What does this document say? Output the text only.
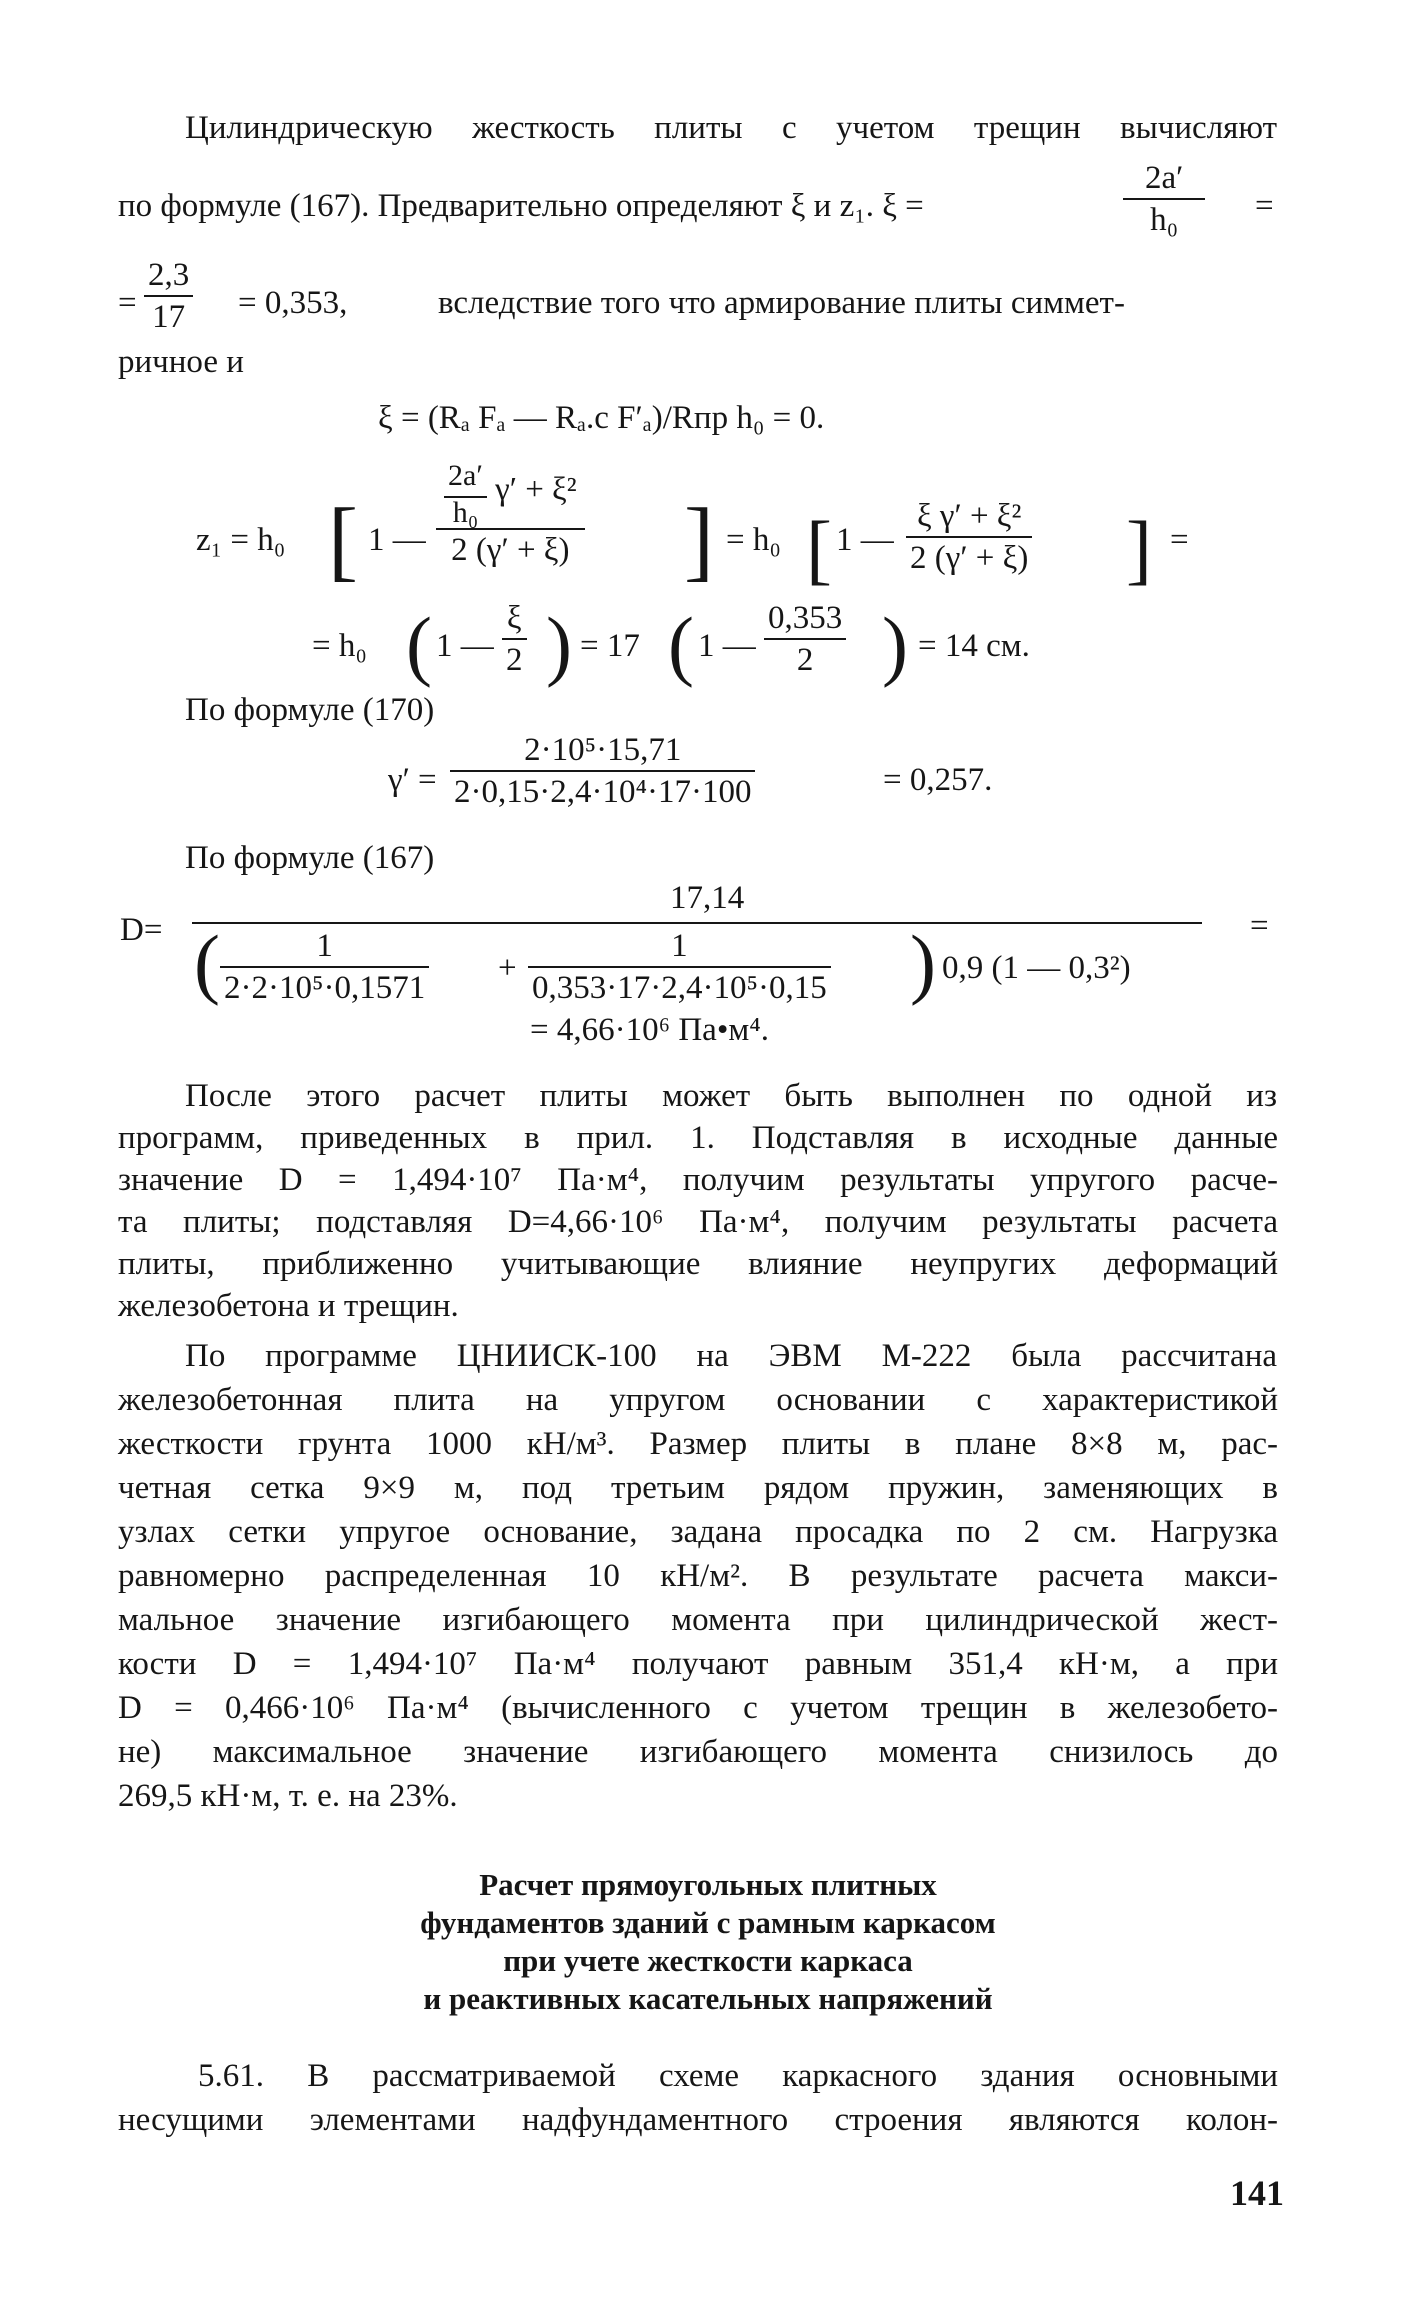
Цилиндрическую жесткость плиты с учетом трещин вычисляют
по формуле (167). Предварительно определяют ξ и z₁. ξ =
2a′
h₀	=
=
2,3
17 = 0,353,	вследствие того что армирование плиты симмет-
ричное и
ξ = (Rₐ Fₐ — Rₐ.c F′ₐ)/Rпр h₀ = 0.
z₁ = h₀ [ 1 —
$\frac{2a'}{\text{h₀}} \gamma' + \xi^2$
2 (γ′ + ξ) ] = h₀ [ 1 —
ξ γ′ + ξ²
2 (γ′ + ξ) ] =
= h₀ ( 1 —
ξ
2 ) = 17 ( 1 —
0,353
2 ) = 14 см.
По формуле (170)
γ′ =
2·10⁵·15,71
2·0,15·2,4·10⁴·17·100	= 0,257.
По формуле (167)
D=
17,14
=
(	1
2·2·10⁵·0,1571
+
1
0,353·17·2,4·10⁵·0,15 ) 0,9 (1 — 0,3²)
= 4,66·10⁶ Па•м⁴.
После этого расчет плиты может быть выполнен по одной из
программ, приведенных в прил. 1. Подставляя в исходные данные
значение D = 1,494·10⁷ Па·м⁴, получим результаты упругого расче-
та плиты; подставляя D=4,66·10⁶ Па·м⁴, получим результаты расчета
плиты, приближенно учитывающие влияние неупругих деформаций
железобетона и трещин.
По программе ЦНИИСК-100 на ЭВМ М-222 была рассчитана
железобетонная плита на упругом основании с характеристикой
жесткости грунта 1000 кН/м³. Размер плиты в плане 8×8 м, рас-
четная сетка 9×9 м, под третьим рядом пружин, заменяющих в
узлах сетки упругое основание, задана просадка по 2 см. Нагрузка
равномерно распределенная 10 кН/м². В результате расчета макси-
мальное значение изгибающего момента при цилиндрической жест-
кости D = 1,494·10⁷ Па·м⁴ получают равным 351,4 кН·м, а при
D = 0,466·10⁶ Па·м⁴ (вычисленного с учетом трещин в железобето-
не) максимальное значение изгибающего момента снизилось до
269,5 кН·м, т. е. на 23%.
Расчет прямоугольных плитных
фундаментов зданий с рамным каркасом
при учете жесткости каркаса
и реактивных касательных напряжений
5.61. В рассматриваемой схеме каркасного здания основными
несущими элементами надфундаментного строения являются колон-
141
